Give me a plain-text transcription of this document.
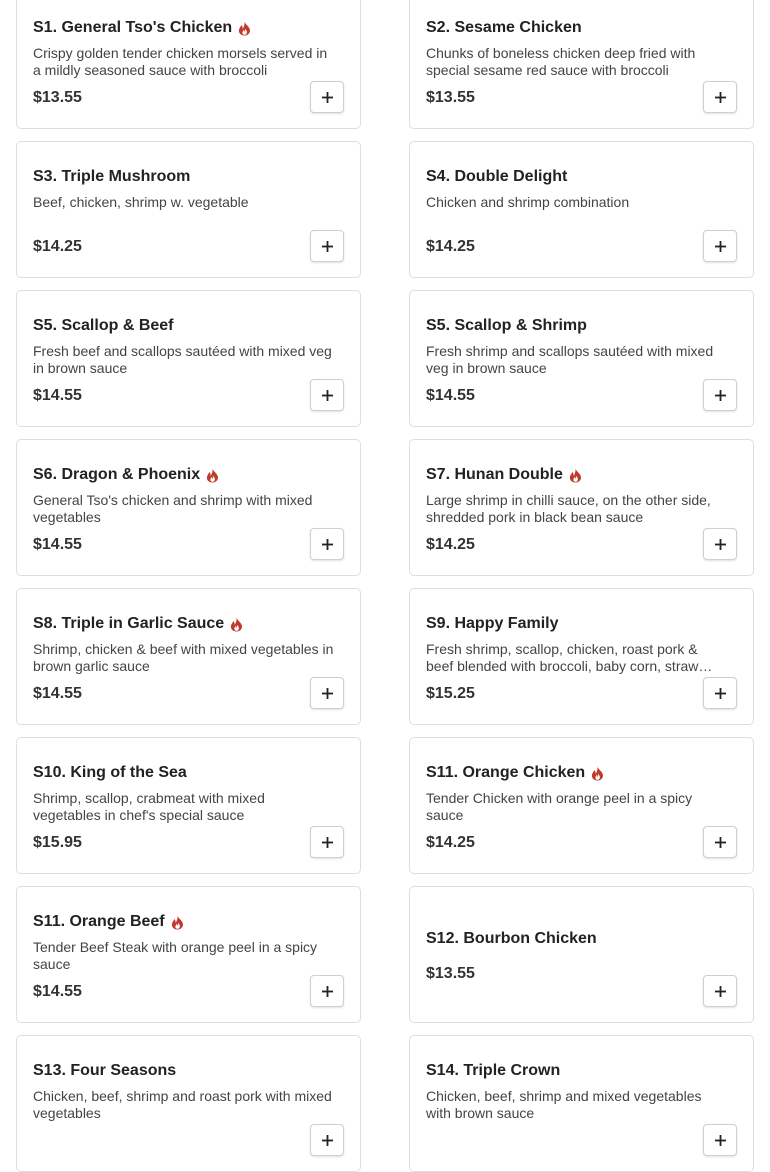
S1. General Tso's Chicken
Crispy golden tender chicken morsels served in a mildly seasoned sauce with broccoli
$13.55
S2. Sesame Chicken
Chunks of boneless chicken deep fried with special sesame red sauce with broccoli
$13.55
S3. Triple Mushroom
Beef, chicken, shrimp w. vegetable
$14.25
S4. Double Delight
Chicken and shrimp combination
$14.25
S5. Scallop & Beef
Fresh beef and scallops sautéed with mixed veg in brown sauce
$14.55
S5. Scallop & Shrimp
Fresh shrimp and scallops sautéed with mixed veg in brown sauce
$14.55
S6. Dragon & Phoenix
General Tso's chicken and shrimp with mixed vegetables
$14.55
S7. Hunan Double
Large shrimp in chilli sauce, on the other side, shredded pork in black bean sauce
$14.25
S8. Triple in Garlic Sauce
Shrimp, chicken & beef with mixed vegetables in brown garlic sauce
$14.55
S9. Happy Family
Fresh shrimp, scallop, chicken, roast pork & beef blended with broccoli, baby corn, straw
$15.25
S10. King of the Sea
Shrimp, scallop, crabmeat with mixed vegetables in chef's special sauce
$15.95
S11. Orange Chicken
Tender Chicken with orange peel in a spicy sauce
$14.25
S11. Orange Beef
Tender Beef Steak with orange peel in a spicy sauce
$14.55
S12. Bourbon Chicken
$13.55
S13. Four Seasons
Chicken, beef, shrimp and roast pork with mixed vegetables
S14. Triple Crown
Chicken, beef, shrimp and mixed vegetables with brown sauce
